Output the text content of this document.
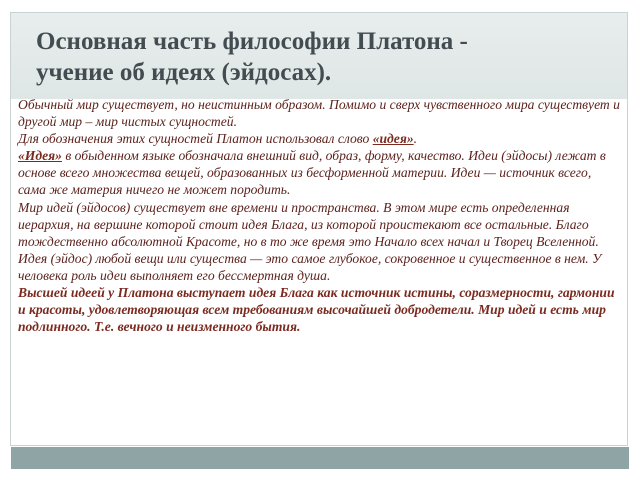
Основная часть философии Платона -
учение об идеях (эйдосах).

Обычный мир существует, но неистинным образом. Помимо и сверх чувственного мира существует и другой мир – мир чистых сущностей.

Для обозначения этих сущностей Платон использовал слово «идея».

«Идея» в обыденном языке обозначала внешний вид, образ, форму, качество. Идеи (эйдосы) лежат в основе всего множества вещей, образованных из бесформенной материи. Идеи — источник всего, сама же материя ничего не может породить.

Мир идей (эйдосов) существует вне времени и пространства. В этом мире есть определенная иерархия, на вершине которой стоит идея Блага, из которой проистекают все остальные. Благо тождественно абсолютной Красоте, но в то же время это Начало всех начал и Творец Вселенной.

Идея (эйдос) любой вещи или существа — это самое глубокое, сокровенное и существенное в нем. У человека роль идеи выполняет его бессмертная душа.

Высшей идеей у Платона выступает идея Блага как источник истины, соразмерности, гармонии и красоты, удовлетворяющая всем требованиям высочайшей добродетели. Мир идей и есть мир подлинного. Т.е. вечного и неизменного бытия.
